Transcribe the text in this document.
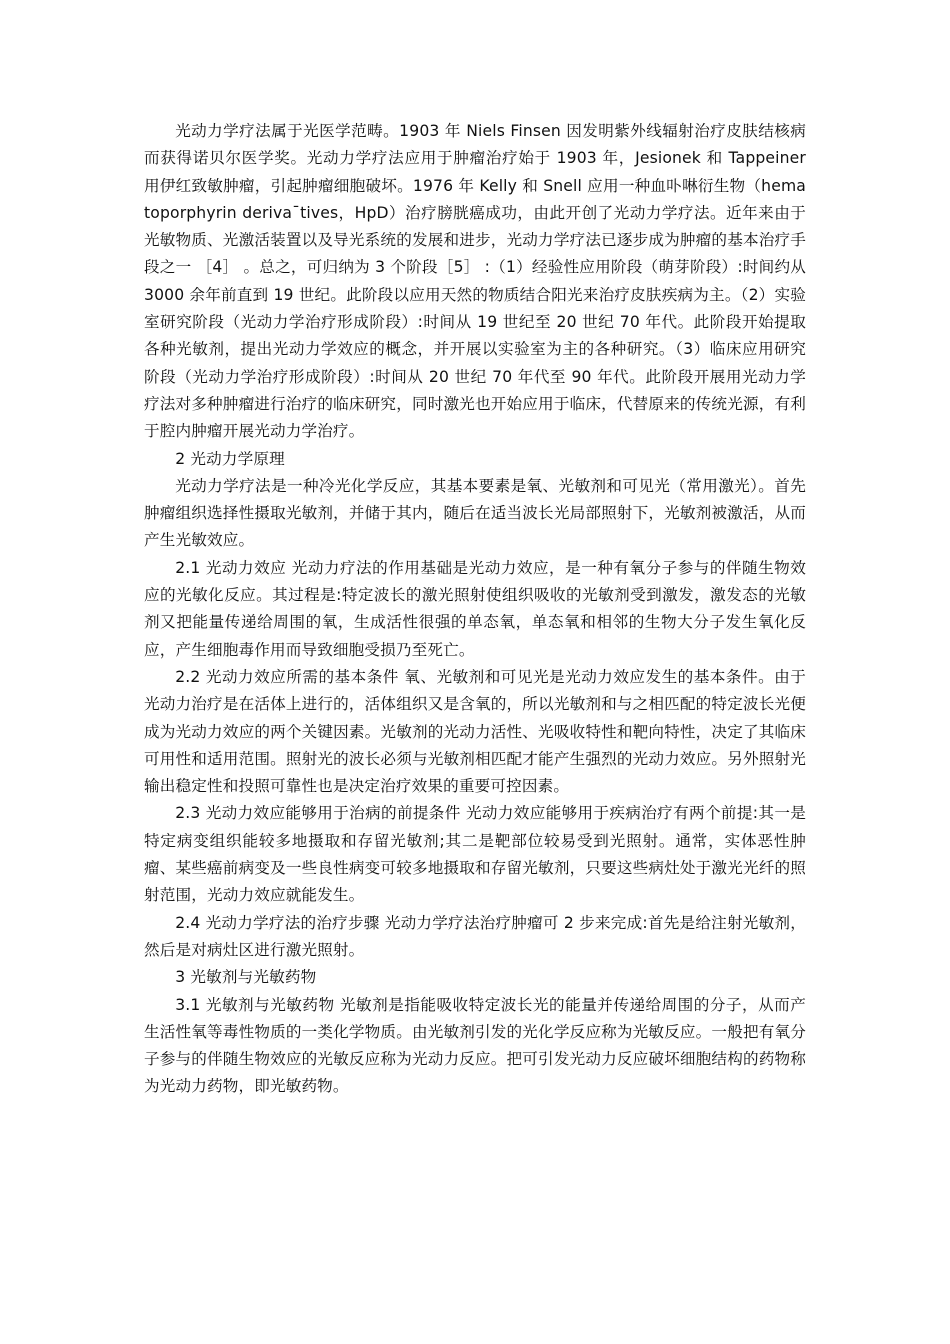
光动力学疗法属于光医学范畴。1903 年 Niels Finsen 因发明紫外线辐射治疗皮肤结核病而获得诺贝尔医学奖。光动力学疗法应用于肿瘤治疗始于 1903 年，Jesionek 和 Tappeiner 用伊红致敏肿瘤，引起肿瘤细胞破坏。1976 年 Kelly 和 Snell 应用一种血卟啉衍生物（hematoporphyrin deriva¯tives，HpD）治疗膀胱癌成功，由此开创了光动力学疗法。近年来由于光敏物质、光激活装置以及导光系统的发展和进步，光动力学疗法已逐步成为肿瘤的基本治疗手段之一 ［4］ 。总之，可归纳为 3 个阶段［5］ :（1）经验性应用阶段（萌芽阶段）:时间约从 3000 余年前直到 19 世纪。此阶段以应用天然的物质结合阳光来治疗皮肤疾病为主。（2）实验室研究阶段（光动力学治疗形成阶段）:时间从 19 世纪至 20 世纪 70 年代。此阶段开始提取各种光敏剂，提出光动力学效应的概念，并开展以实验室为主的各种研究。（3）临床应用研究阶段（光动力学治疗形成阶段）:时间从 20 世纪 70 年代至 90 年代。此阶段开展用光动力学疗法对多种肿瘤进行治疗的临床研究，同时激光也开始应用于临床，代替原来的传统光源，有利于腔内肿瘤开展光动力学治疗。

2 光动力学原理

光动力学疗法是一种冷光化学反应，其基本要素是氧、光敏剂和可见光（常用激光）。首先肿瘤组织选择性摄取光敏剂，并储于其内，随后在适当波长光局部照射下，光敏剂被激活，从而产生光敏效应。

2.1 光动力效应 光动力疗法的作用基础是光动力效应，是一种有氧分子参与的伴随生物效应的光敏化反应。其过程是:特定波长的激光照射使组织吸收的光敏剂受到激发，激发态的光敏剂又把能量传递给周围的氧，生成活性很强的单态氧，单态氧和相邻的生物大分子发生氧化反应，产生细胞毒作用而导致细胞受损乃至死亡。

2.2 光动力效应所需的基本条件 氧、光敏剂和可见光是光动力效应发生的基本条件。由于光动力治疗是在活体上进行的，活体组织又是含氧的，所以光敏剂和与之相匹配的特定波长光便成为光动力效应的两个关键因素。光敏剂的光动力活性、光吸收特性和靶向特性，决定了其临床可用性和适用范围。照射光的波长必须与光敏剂相匹配才能产生强烈的光动力效应。另外照射光输出稳定性和投照可靠性也是决定治疗效果的重要可控因素。

2.3 光动力效应能够用于治病的前提条件 光动力效应能够用于疾病治疗有两个前提:其一是特定病变组织能较多地摄取和存留光敏剂;其二是靶部位较易受到光照射。通常，实体恶性肿瘤、某些癌前病变及一些良性病变可较多地摄取和存留光敏剂，只要这些病灶处于激光光纤的照射范围，光动力效应就能发生。

2.4 光动力学疗法的治疗步骤 光动力学疗法治疗肿瘤可 2 步来完成:首先是给注射光敏剂，然后是对病灶区进行激光照射。

3 光敏剂与光敏药物

3.1 光敏剂与光敏药物 光敏剂是指能吸收特定波长光的能量并传递给周围的分子，从而产生活性氧等毒性物质的一类化学物质。由光敏剂引发的光化学反应称为光敏反应。一般把有氧分子参与的伴随生物效应的光敏反应称为光动力反应。把可引发光动力反应破坏细胞结构的药物称为光动力药物，即光敏药物。
